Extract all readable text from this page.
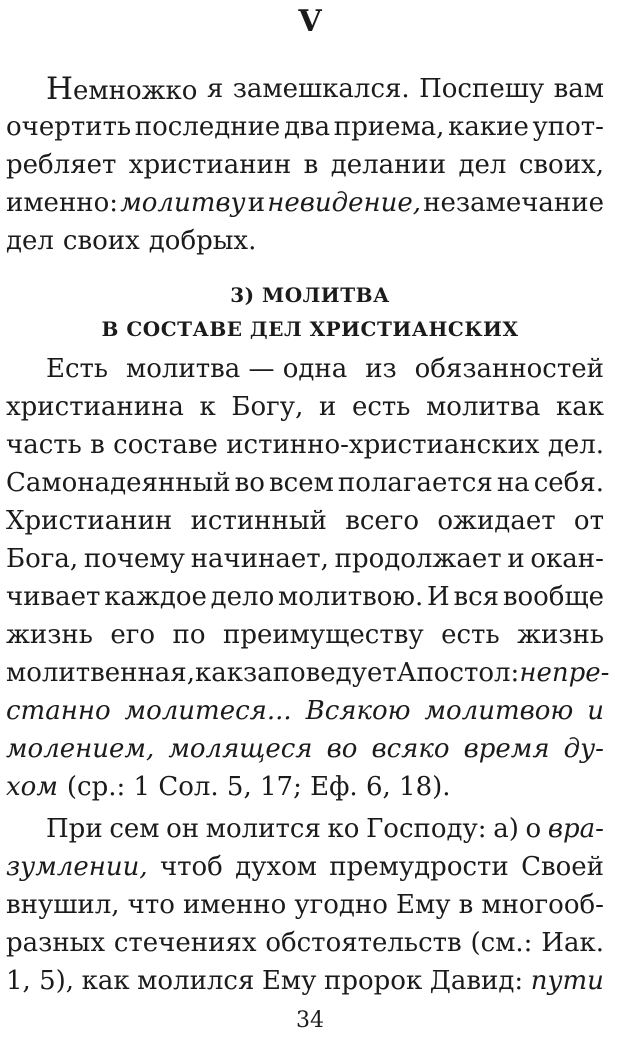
V
Немножко я замешкался. Поспешу вам
очертить последние два приема, какие упот-
ребляет христианин в делании дел своих,
именно: молитву и невидение, незамечание
дел своих добрых.
3) МОЛИТВА
В СОСТАВЕ ДЕЛ ХРИСТИАНСКИХ
Есть молитва — одна из обязанностей
христианина к Богу, и есть молитва как
часть в составе истинно-христианских дел.
Самонадеянный во всем полагается на себя.
Христианин истинный всего ожидает от
Бога, почему начинает, продолжает и окан-
чивает каждое дело молитвою. И вся вообще
жизнь его по преимуществу есть жизнь
молитвенная, как заповедует Апостол: непре-
станно молитеся... Всякою молитвою и
молением, молящеся во всяко время ду-
хом (ср.: 1 Сол. 5, 17; Еф. 6, 18).
При сем он молится ко Господу: а) о вра-
зумлении, чтоб духом премудрости Своей
внушил, что именно угодно Ему в многооб-
разных стечениях обстоятельств (см.: Иак.
1, 5), как молился Ему пророк Давид: пути
34
